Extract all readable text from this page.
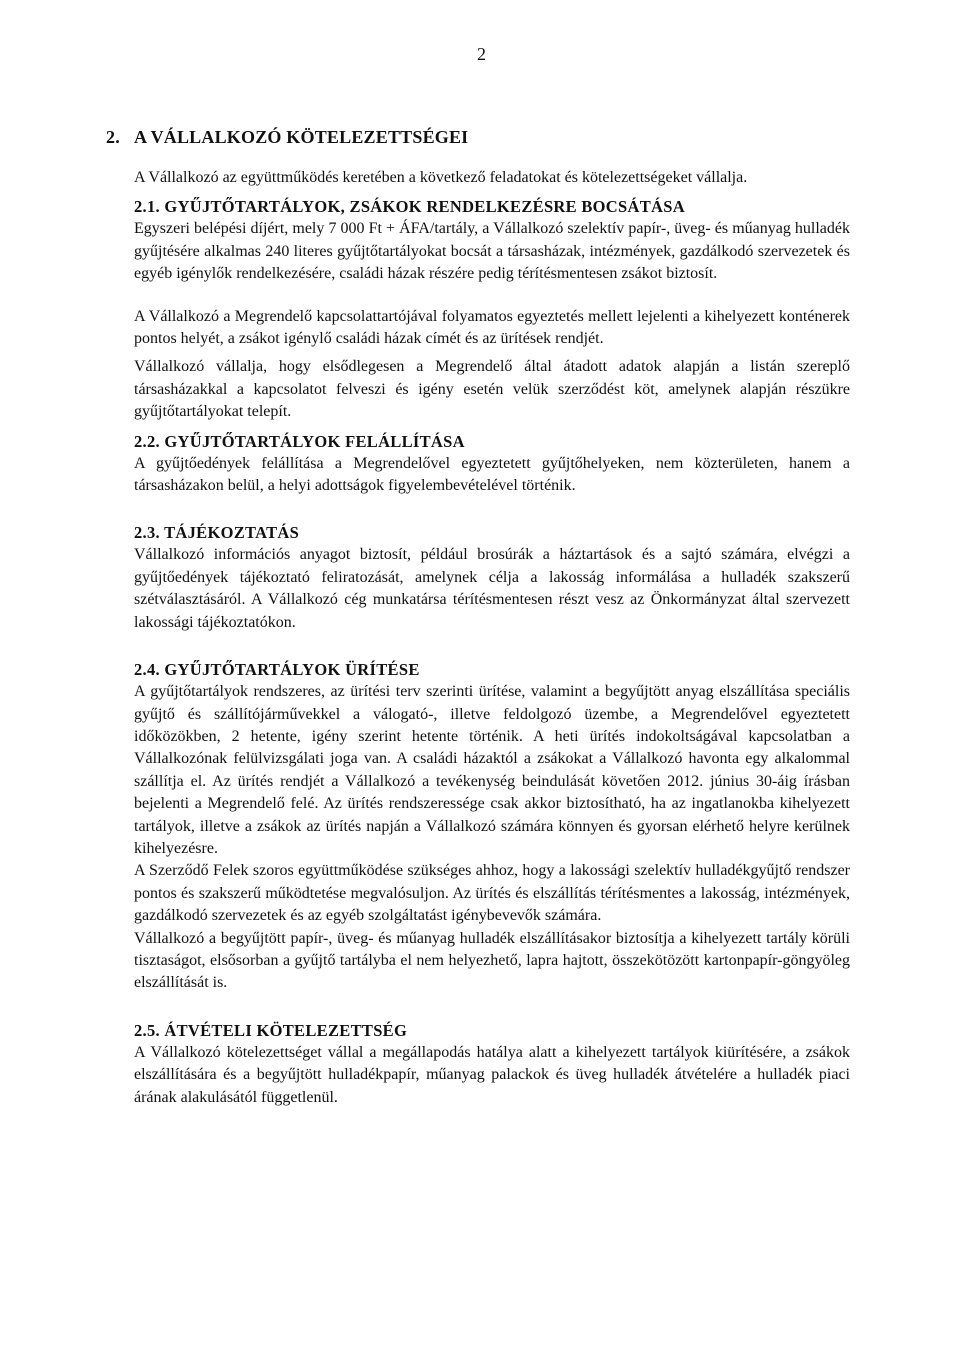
2
2. A VÁLLALKOZÓ KÖTELEZETTSÉGEI

A Vállalkozó az együttműködés keretében a következő feladatokat és kötelezettségeket vállalja.

2.1. GYŰJTŐTARTÁLYOK, ZSÁKOK RENDELKEZÉSRE BOCSÁTÁSA

Egyszeri belépési díjért, mely 7 000 Ft + ÁFA/tartály, a Vállalkozó szelektív papír-, üveg- és műanyag hulladék gyűjtésére alkalmas 240 literes gyűjtőtartályokat bocsát a társasházak, intézmények, gazdálkodó szervezetek és egyéb igénylők rendelkezésére, családi házak részére pedig térítésmentesen zsákot biztosít.

A Vállalkozó a Megrendelő kapcsolattartójával folyamatos egyeztetés mellett lejelenti a kihelyezett konténerek pontos helyét, a zsákot igénylő családi házak címét és az ürítések rendjét.

Vállalkozó vállalja, hogy elsődlegesen a Megrendelő által átadott adatok alapján a listán szereplő társasházakkal a kapcsolatot felveszi és igény esetén velük szerződést köt, amelynek alapján részükre gyűjtőtartályokat telepít.

2.2. GYŰJTŐTARTÁLYOK FELÁLLÍTÁSA

A gyűjtőedények felállítása a Megrendelővel egyeztetett gyűjtőhelyeken, nem közterületen, hanem a társasházakon belül, a helyi adottságok figyelembevételével történik.

2.3. TÁJÉKOZTATÁS

Vállalkozó információs anyagot biztosít, például brosúrák a háztartások és a sajtó számára, elvégzi a gyűjtőedények tájékoztató feliratozását, amelynek célja a lakosság informálása a hulladék szakszerű szétválasztásáról. A Vállalkozó cég munkatársa térítésmentesen részt vesz az Önkormányzat által szervezett lakossági tájékoztatókon.

2.4. GYŰJTŐTARTÁLYOK ÜRÍTÉSE

A gyűjtőtartályok rendszeres, az ürítési terv szerinti ürítése, valamint a begyűjtött anyag elszállítása speciális gyűjtő és szállítójárművekkel a válogató-, illetve feldolgozó üzembe, a Megrendelővel egyeztetett időközökben, 2 hetente, igény szerint hetente történik. A heti ürítés indokoltságával kapcsolatban a Vállalkozónak felülvizsgálati joga van. A családi házaktól a zsákokat a Vállalkozó havonta egy alkalommal szállítja el. Az ürítés rendjét a Vállalkozó a tevékenység beindulását követően 2012. június 30-áig írásban bejelenti a Megrendelő felé. Az ürítés rendszeressége csak akkor biztosítható, ha az ingatlanokba kihelyezett tartályok, illetve a zsákok az ürítés napján a Vállalkozó számára könnyen és gyorsan elérhető helyre kerülnek kihelyezésre.

A Szerződő Felek szoros együttműködése szükséges ahhoz, hogy a lakossági szelektív hulladékgyűjtő rendszer pontos és szakszerű működtetése megvalósuljon. Az ürítés és elszállítás térítésmentes a lakosság, intézmények, gazdálkodó szervezetek és az egyéb szolgáltatást igénybevevők számára.

Vállalkozó a begyűjtött papír-, üveg- és műanyag hulladék elszállításakor biztosítja a kihelyezett tartály körüli tisztaságot, elsősorban a gyűjtő tartályba el nem helyezhető, lapra hajtott, összekötözött kartonpapír-göngyöleg elszállítását is.

2.5. ÁTVÉTELI KÖTELEZETTSÉG

A Vállalkozó kötelezettséget vállal a megállapodás hatálya alatt a kihelyezett tartályok kiürítésére, a zsákok elszállítására és a begyűjtött hulladékpapír, műanyag palackok és üveg hulladék átvételére a hulladék piaci árának alakulásától függetlenül.
